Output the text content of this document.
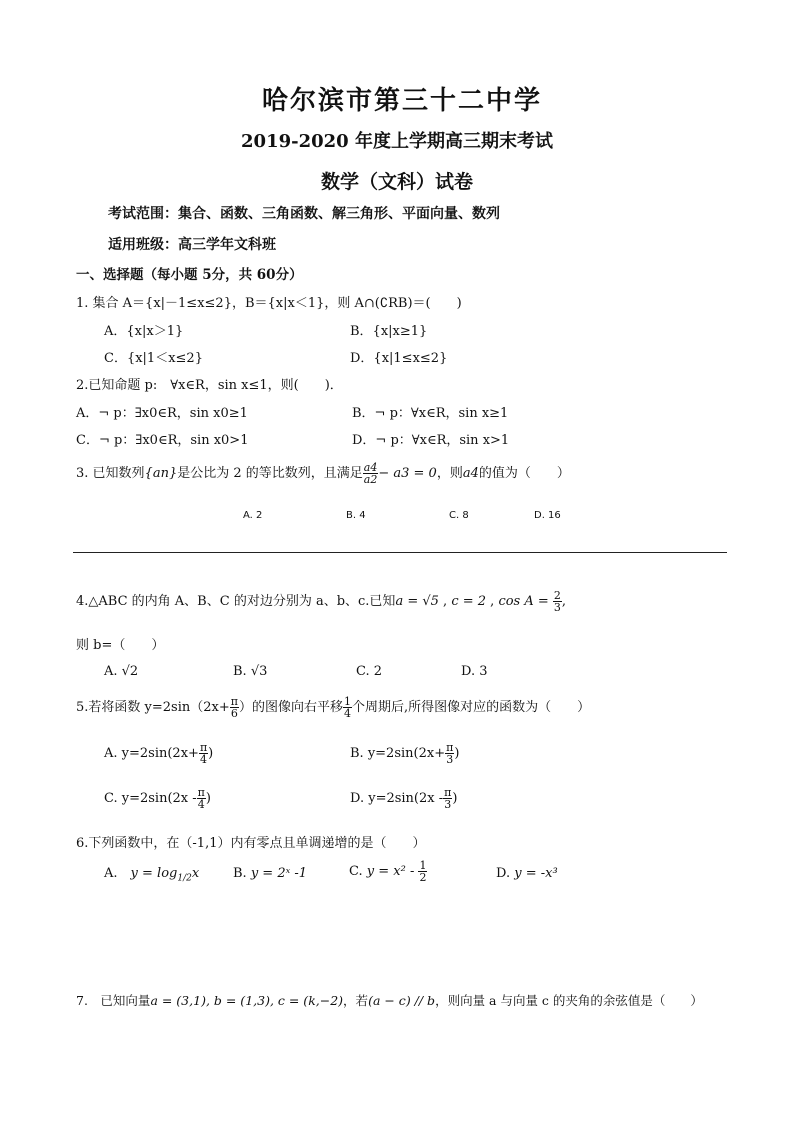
哈尔滨市第三十二中学
2019-2020 年度上学期高三期末考试
数学（文科）试卷
考试范围：集合、函数、三角函数、解三角形、平面向量、数列
适用班级：高三学年文科班
一、选择题（每小题 5分，共 60分）
1. 集合 A＝{x|－1≤x≤2}，B＝{x|x＜1}，则 A∩(∁RB)＝(　　)
A．{x|x＞1}	B．{x|x≥1}
C．{x|1＜x≤2}	D．{x|1≤x≤2}
2.已知命题 p:　∀x∈R，sin x≤1，则(　　)．
A．¬ p：∃x0∈R，sin x0≥1	B．¬ p：∀x∈R，sin x≥1
C．¬ p：∃x0∈R，sin x0>1	D．¬ p：∀x∈R，sin x>1
3. 已知数列{an}是公比为 2 的等比数列，且满足 $\frac{a4}{a2} - a3 = 0$，则a4的值为（　　）
A. 2	B. 4	C. 8	D. 16
4.△ABC 的内角 A、B、C 的对边分别为 a、b、c.已知a = √5 , c = 2 , $\cos A = \frac{2}{3}$ ,
则 b=（　　）
A. √2	B. √3	C. 2	D. 3
5.若将函数 $y=2\sin(2x+ \frac{\pi}{6}$ ）的图像向右平移 $\frac{1}{4}$ 个周期后,所得图像对应的函数为（　　）
A. $y=2\sin(2x+ \frac{\pi}{4}$ )	B. $y=2\sin(2x+ \frac{\pi}{3}$ )
C. $y=2\sin(2x - \frac{\pi}{4}$ )	D. $y=2\sin(2x - \frac{\pi}{3}$ )
6.下列函数中，在（-1,1）内有零点且单调递增的是（　　）
A.　 $y = \log_{1/2}x$	B. y = 2ˣ -1	C. $y = x^2 - \frac{1}{2}$	D. y = -x³
7.　已知向量a = (3,1), b = (1,3), c = (k,−2)，若(a − c) // b，则向量 a 与向量 c 的夹角的余弦值是（　　）
